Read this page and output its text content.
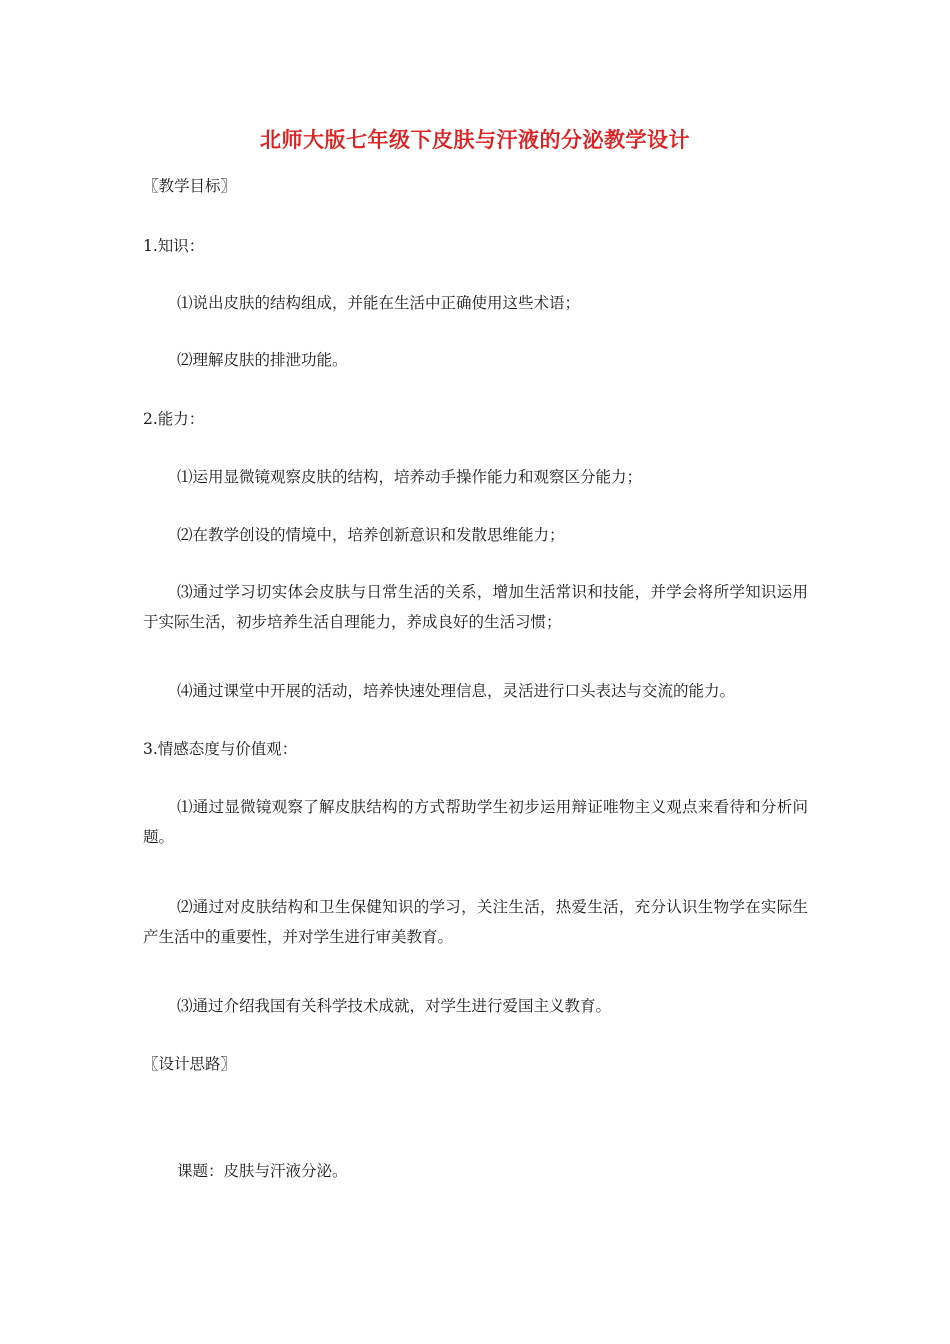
北师大版七年级下皮肤与汗液的分泌教学设计
〖教学目标〗
1.知识：
⑴说出皮肤的结构组成，并能在生活中正确使用这些术语；
⑵理解皮肤的排泄功能。
2.能力：
⑴运用显微镜观察皮肤的结构，培养动手操作能力和观察区分能力；
⑵在教学创设的情境中，培养创新意识和发散思维能力；
⑶通过学习切实体会皮肤与日常生活的关系，增加生活常识和技能，并学会将所学知识运用于实际生活，初步培养生活自理能力，养成良好的生活习惯；
⑷通过课堂中开展的活动，培养快速处理信息，灵活进行口头表达与交流的能力。
3.情感态度与价值观：
⑴通过显微镜观察了解皮肤结构的方式帮助学生初步运用辩证唯物主义观点来看待和分析问题。
⑵通过对皮肤结构和卫生保健知识的学习，关注生活，热爱生活，充分认识生物学在实际生产生活中的重要性，并对学生进行审美教育。
⑶通过介绍我国有关科学技术成就，对学生进行爱国主义教育。
〖设计思路〗
课题：皮肤与汗液分泌。
